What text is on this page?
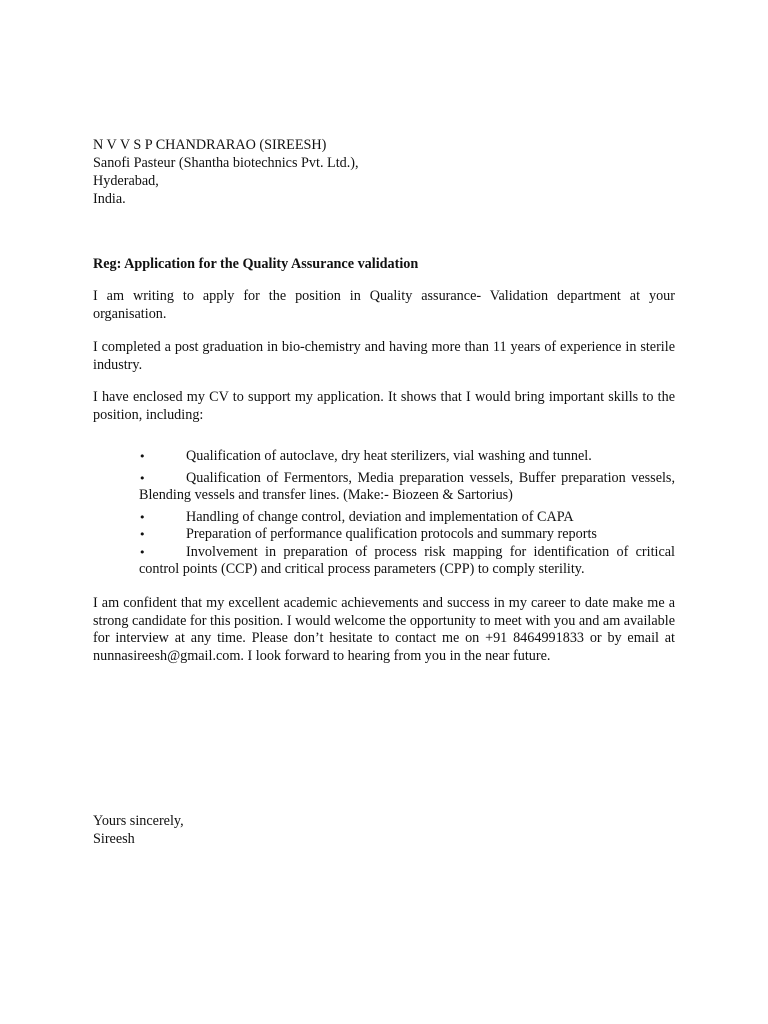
N V V S P CHANDRARAO (SIREESH)
Sanofi Pasteur (Shantha biotechnics Pvt. Ltd.),
Hyderabad,
India.
Reg: Application for the Quality Assurance validation
I am writing to apply for the position in Quality assurance- Validation department at your organisation.
I completed a post graduation in bio-chemistry and having more than 11 years of experience in sterile industry.
I have enclosed my CV to support my application. It shows that I would bring important skills to the position, including:
•	Qualification of autoclave, dry heat sterilizers, vial washing and tunnel.
•	Qualification of Fermentors, Media preparation vessels, Buffer preparation vessels, Blending vessels and transfer lines. (Make:- Biozeen & Sartorius)
•	Handling of change control, deviation and implementation of CAPA
•	Preparation of performance qualification protocols and summary reports
•	Involvement in preparation of process risk mapping for identification of critical control points (CCP) and critical process parameters (CPP) to comply sterility.
I am confident that my excellent academic achievements and success in my career to date make me a strong candidate for this position. I would welcome the opportunity to meet with you and am available for interview at any time. Please don’t hesitate to contact me on +91 8464991833 or by email at nunnasireesh@gmail.com. I look forward to hearing from you in the near future.
Yours sincerely,
Sireesh
